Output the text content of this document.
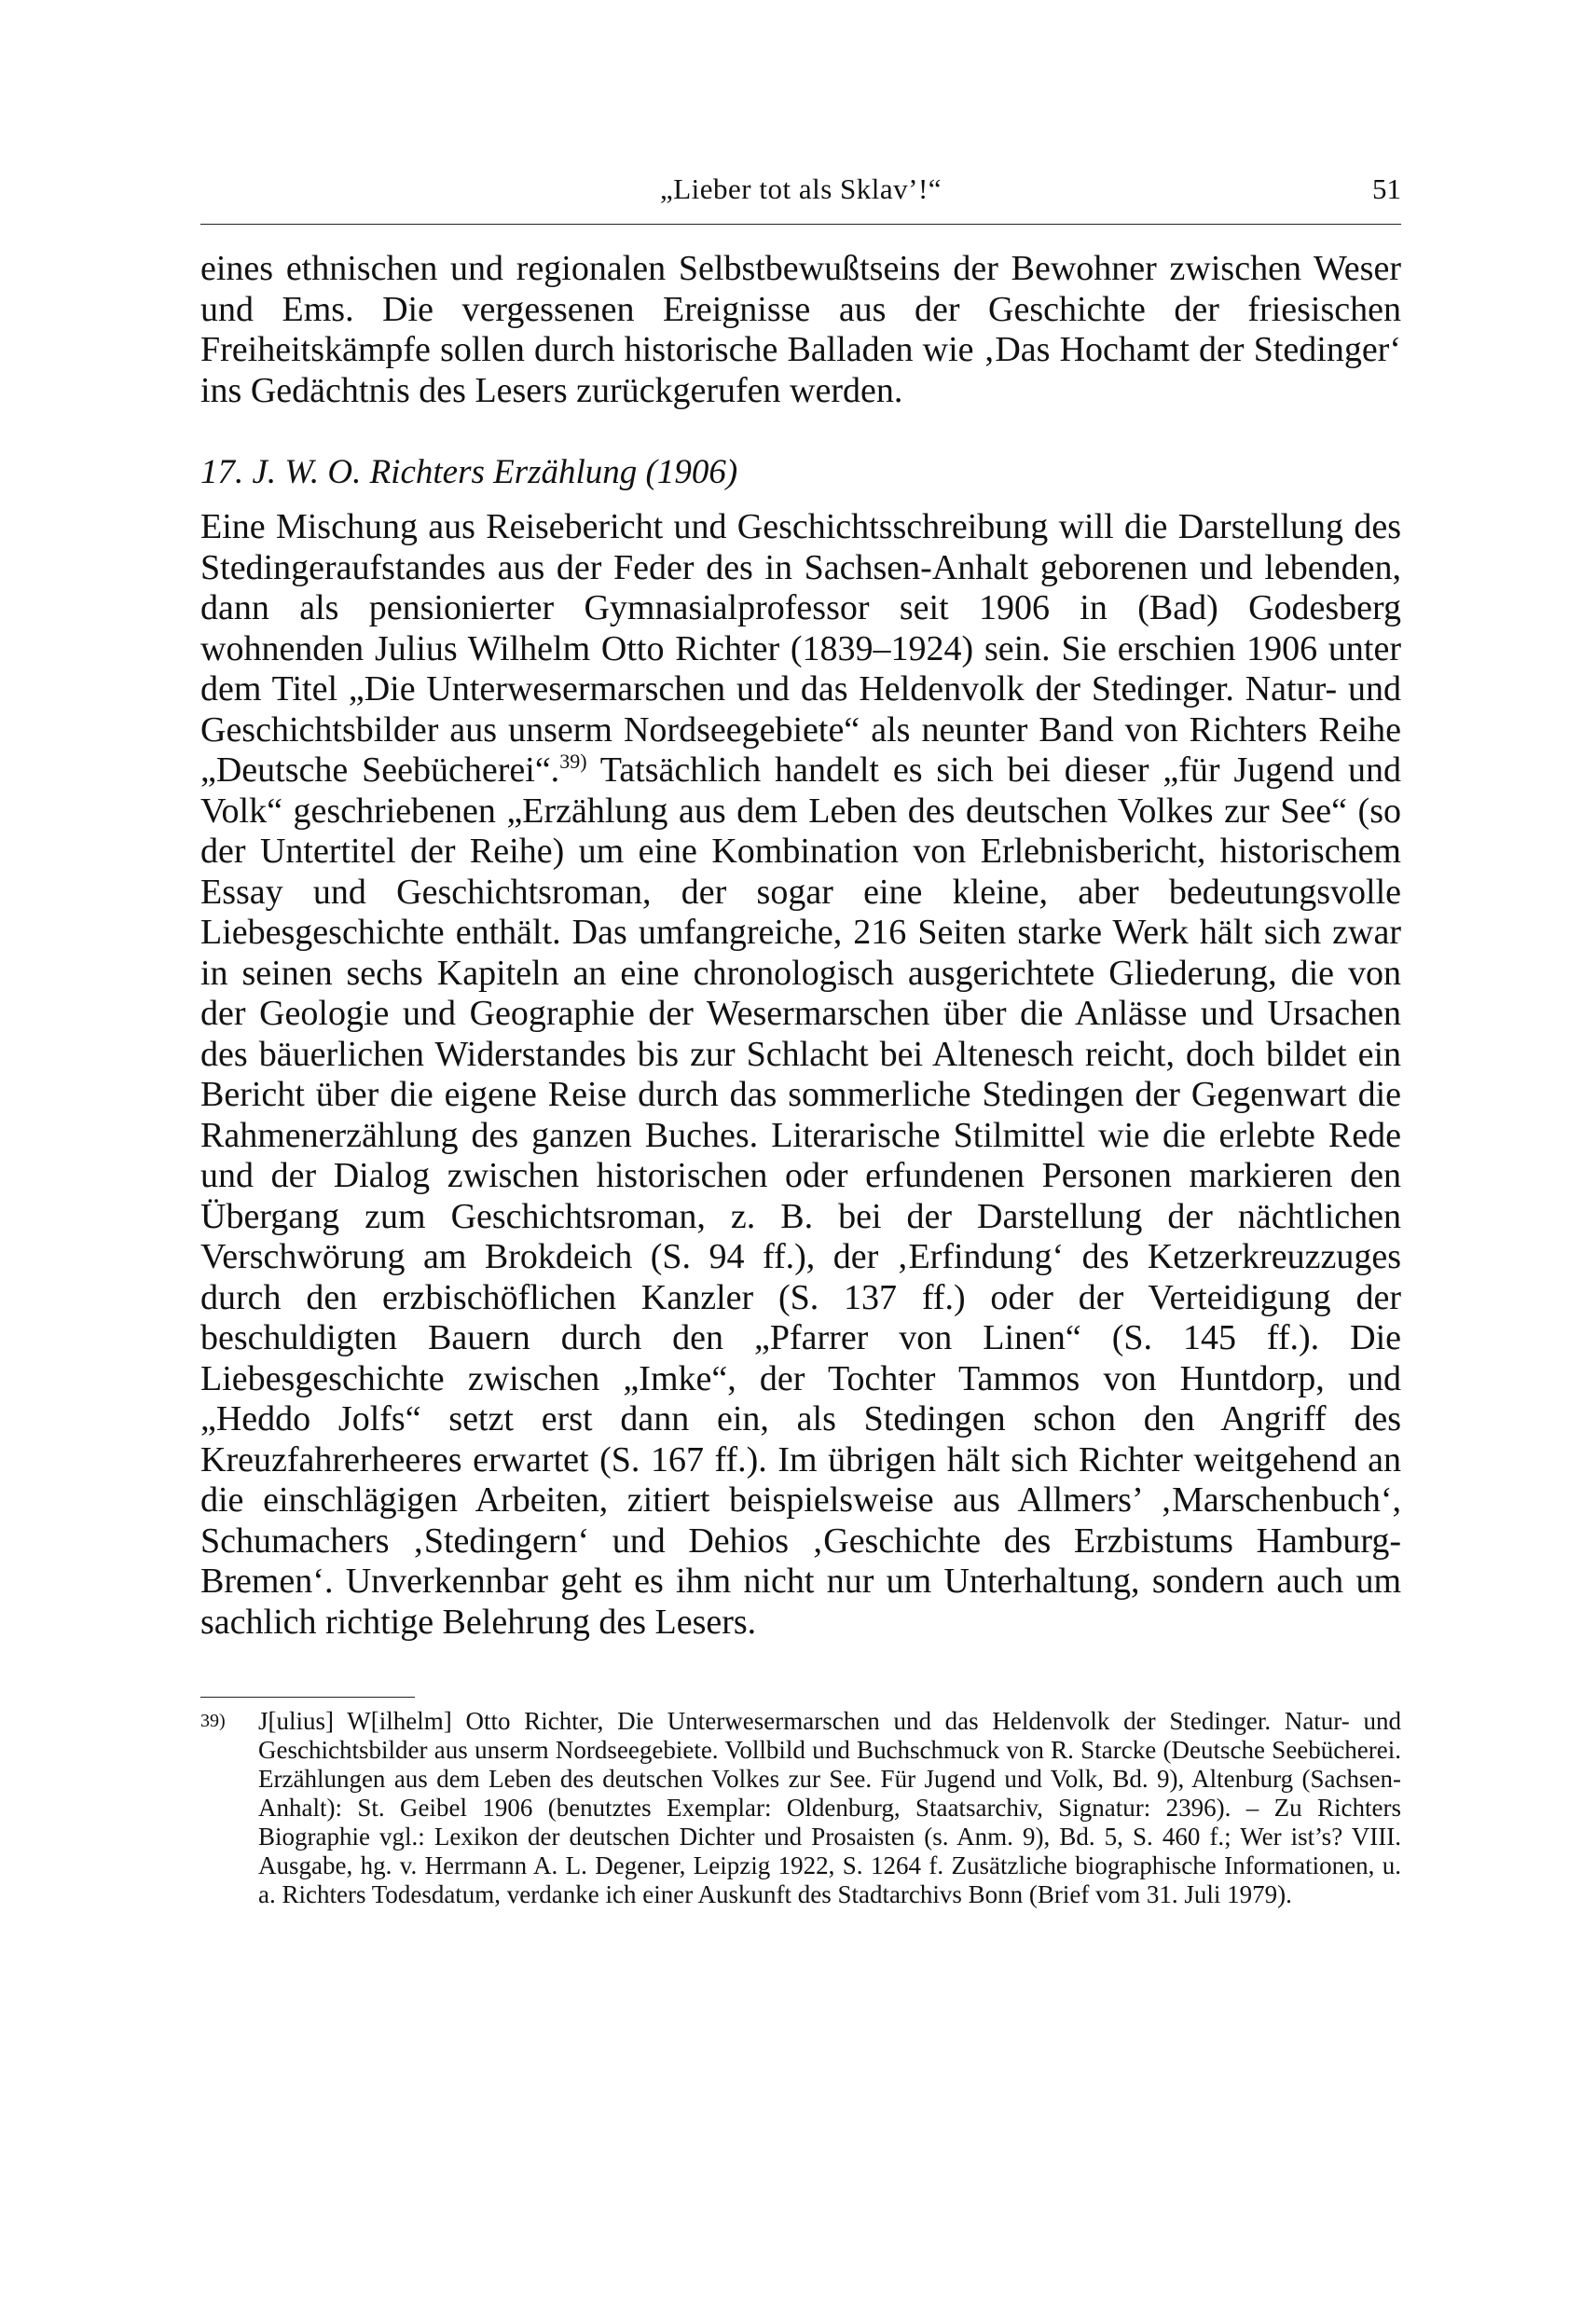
„Lieber tot als Sklav’!“	51

eines ethnischen und regionalen Selbstbewußtseins der Bewohner zwischen Weser und Ems. Die vergessenen Ereignisse aus der Geschichte der friesischen Freiheitskämpfe sollen durch historische Balladen wie ‚Das Hochamt der Stedinger‘ ins Gedächtnis des Lesers zurückgerufen werden.

17. J. W. O. Richters Erzählung (1906)

Eine Mischung aus Reisebericht und Geschichtsschreibung will die Darstellung des Stedingeraufstandes aus der Feder des in Sachsen-Anhalt geborenen und lebenden, dann als pensionierter Gymnasialprofessor seit 1906 in (Bad) Godesberg wohnenden Julius Wilhelm Otto Richter (1839–1924) sein. Sie erschien 1906 unter dem Titel „Die Unterwesermarschen und das Heldenvolk der Stedinger. Natur- und Geschichtsbilder aus unserm Nordseegebiete“ als neunter Band von Richters Reihe „Deutsche Seebücherei“.$^{39)}$ Tatsächlich handelt es sich bei dieser „für Jugend und Volk“ geschriebenen „Erzählung aus dem Leben des deutschen Volkes zur See“ (so der Untertitel der Reihe) um eine Kombination von Erlebnisbericht, historischem Essay und Geschichtsroman, der sogar eine kleine, aber bedeutungsvolle Liebesgeschichte enthält. Das umfangreiche, 216 Seiten starke Werk hält sich zwar in seinen sechs Kapiteln an eine chronologisch ausgerichtete Gliederung, die von der Geologie und Geographie der Wesermarschen über die Anlässe und Ursachen des bäuerlichen Widerstandes bis zur Schlacht bei Altenesch reicht, doch bildet ein Bericht über die eigene Reise durch das sommerliche Stedingen der Gegenwart die Rahmenerzählung des ganzen Buches. Literarische Stilmittel wie die erlebte Rede und der Dialog zwischen historischen oder erfundenen Personen markieren den Übergang zum Geschichtsroman, z. B. bei der Darstellung der nächtlichen Verschwörung am Brokdeich (S. 94 ff.), der ‚Erfindung‘ des Ketzerkreuzzuges durch den erzbischöflichen Kanzler (S. 137 ff.) oder der Verteidigung der beschuldigten Bauern durch den „Pfarrer von Linen“ (S. 145 ff.). Die Liebesgeschichte zwischen „Imke“, der Tochter Tammos von Huntdorp, und „Heddo Jolfs“ setzt erst dann ein, als Stedingen schon den Angriff des Kreuzfahrerheeres erwartet (S. 167 ff.). Im übrigen hält sich Richter weitgehend an die einschlägigen Arbeiten, zitiert beispielsweise aus Allmers’ ‚Marschenbuch‘, Schumachers ‚Stedingern‘ und Dehios ‚Geschichte des Erzbistums Hamburg-Bremen‘. Unverkennbar geht es ihm nicht nur um Unterhaltung, sondern auch um sachlich richtige Belehrung des Lesers.

39) J[ulius] W[ilhelm] Otto Richter, Die Unterwesermarschen und das Heldenvolk der Stedinger. Natur- und Geschichtsbilder aus unserm Nordseegebiete. Vollbild und Buchschmuck von R. Starcke (Deutsche Seebücherei. Erzählungen aus dem Leben des deutschen Volkes zur See. Für Jugend und Volk, Bd. 9), Altenburg (Sachsen-Anhalt): St. Geibel 1906 (benutztes Exemplar: Oldenburg, Staatsarchiv, Signatur: 2396). – Zu Richters Biographie vgl.: Lexikon der deutschen Dichter und Prosaisten (s. Anm. 9), Bd. 5, S. 460 f.; Wer ist’s? VIII. Ausgabe, hg. v. Herrmann A. L. Degener, Leipzig 1922, S. 1264 f. Zusätzliche biographische Informationen, u. a. Richters Todesdatum, verdanke ich einer Auskunft des Stadtarchivs Bonn (Brief vom 31. Juli 1979).
